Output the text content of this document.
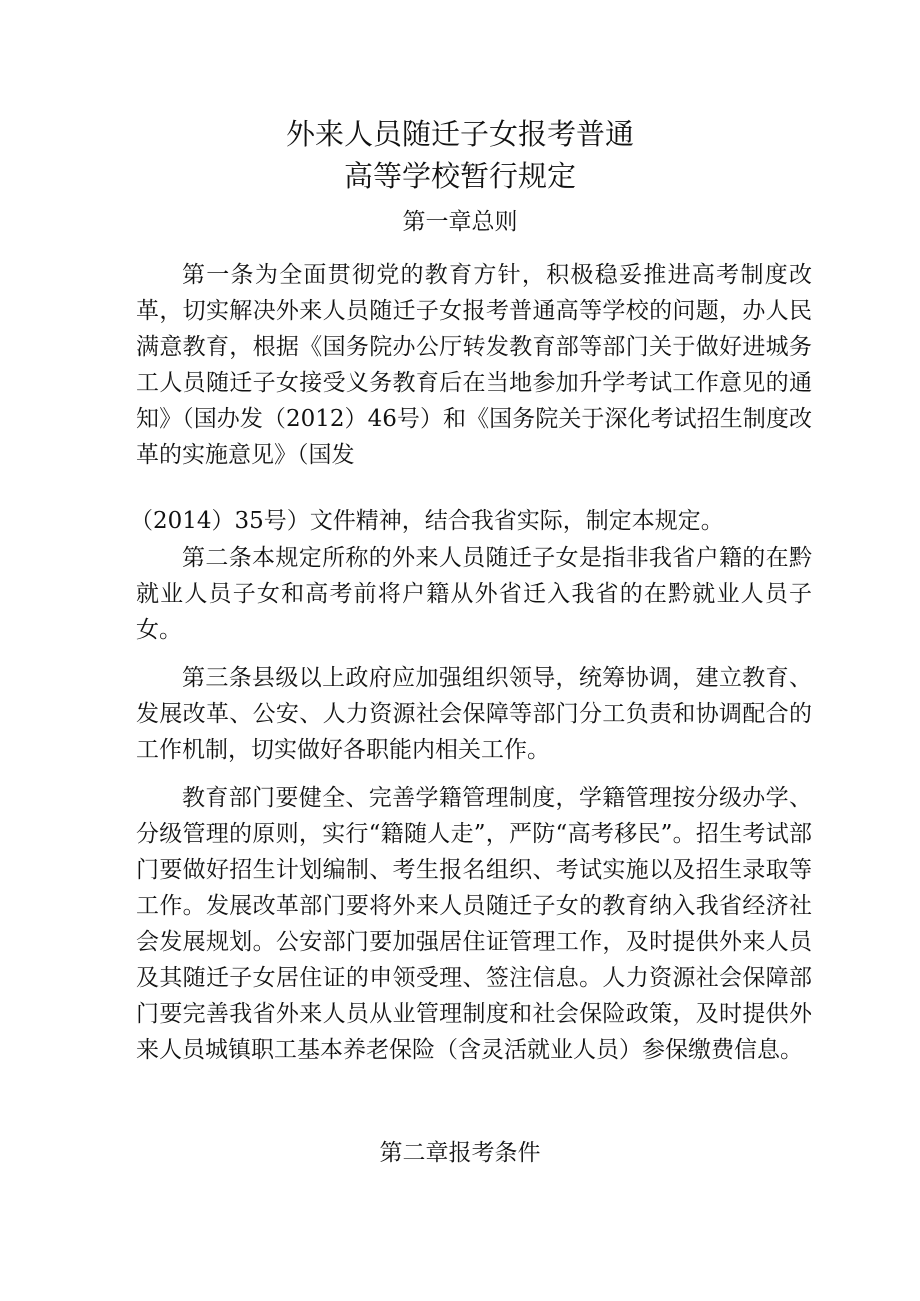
外来人员随迁子女报考普通
高等学校暂行规定
第一章总则
第一条为全面贯彻党的教育方针，积极稳妥推进高考制度改革，切实解决外来人员随迁子女报考普通高等学校的问题，办人民满意教育，根据《国务院办公厅转发教育部等部门关于做好进城务工人员随迁子女接受义务教育后在当地参加升学考试工作意见的通知》（国办发（2012）46号）和《国务院关于深化考试招生制度改革的实施意见》（国发
（2014）35号）文件精神，结合我省实际，制定本规定。
第二条本规定所称的外来人员随迁子女是指非我省户籍的在黔就业人员子女和高考前将户籍从外省迁入我省的在黔就业人员子女。
第三条县级以上政府应加强组织领导，统筹协调，建立教育、发展改革、公安、人力资源社会保障等部门分工负责和协调配合的工作机制，切实做好各职能内相关工作。
教育部门要健全、完善学籍管理制度，学籍管理按分级办学、分级管理的原则，实行“籍随人走”，严防“高考移民”。招生考试部门要做好招生计划编制、考生报名组织、考试实施以及招生录取等工作。发展改革部门要将外来人员随迁子女的教育纳入我省经济社会发展规划。公安部门要加强居住证管理工作，及时提供外来人员及其随迁子女居住证的申领受理、签注信息。人力资源社会保障部门要完善我省外来人员从业管理制度和社会保险政策，及时提供外来人员城镇职工基本养老保险（含灵活就业人员）参保缴费信息。
第二章报考条件
